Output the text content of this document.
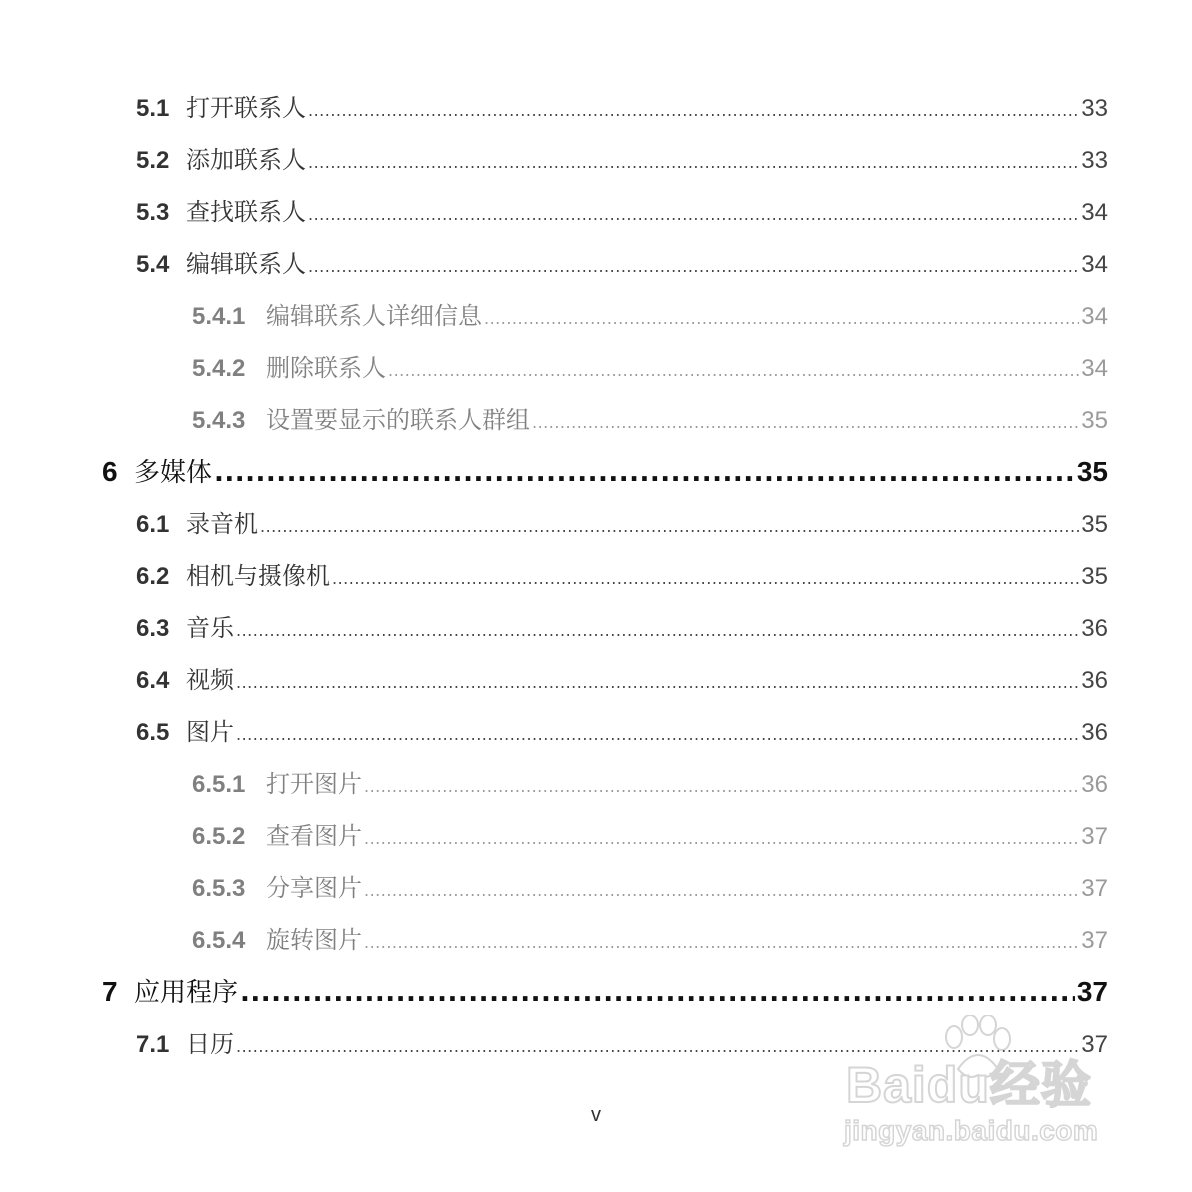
5.1 打开联系人 .....	33
5.2 添加联系人 .....	33
5.3 查找联系人 .....	34
5.4 编辑联系人 .....	34
5.4.1 编辑联系人详细信息 .....	34
5.4.2 删除联系人 .....	34
5.4.3 设置要显示的联系人群组 .....	35
6 多媒体 .....	35
6.1 录音机 .....	35
6.2 相机与摄像机 .....	35
6.3 音乐 .....	36
6.4 视频 .....	36
6.5 图片 .....	36
6.5.1 打开图片 .....	36
6.5.2 查看图片 .....	37
6.5.3 分享图片 .....	37
6.5.4 旋转图片 .....	37
7 应用程序 .....	37
7.1 日历 .....	37
v
Baidu经验
jingyan.baidu.com
